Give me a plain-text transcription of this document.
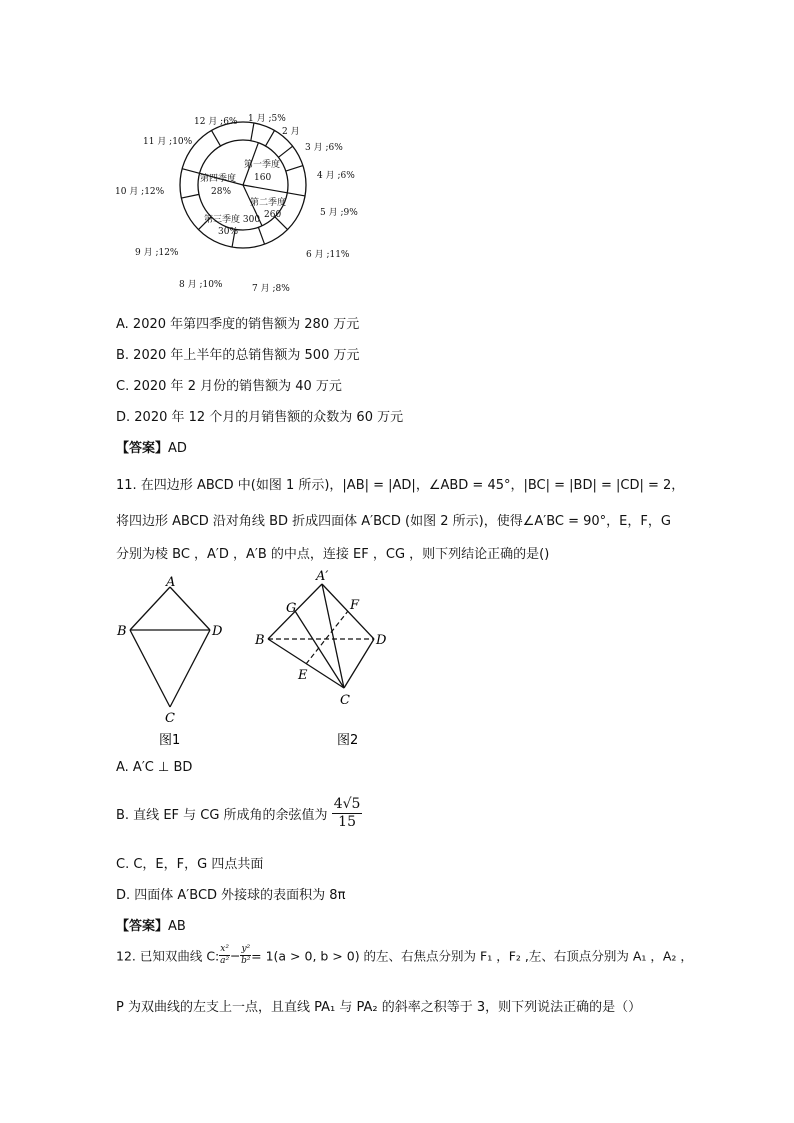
1 月 ;5%
2 月
3 月 ;6%
4 月 ;6%
5 月 ;9%
6 月 ;11%
7 月 ;8%
8 月 ;10%
9 月 ;12%
10 月 ;12%
11 月 ;10%
12 月 ;6%
第一季度
160
第二季度
260
第三季度 300
30%
第四季度
28%
A. 2020 年第四季度的销售额为 280 万元
B. 2020 年上半年的总销售额为 500 万元
C. 2020 年 2 月份的销售额为 40 万元
D. 2020 年 12 个月的月销售额的众数为 60 万元
【答案】AD
11. 在四边形 ABCD 中(如图 1 所示)，|AB| = |AD|，∠ABD = 45°，|BC| = |BD| = |CD| = 2，
将四边形 ABCD 沿对角线 BD 折成四面体 A′BCD (如图 2 所示)，使得∠A′BC = 90°，E，F，G
分别为棱 BC ，A′D ，A′B 的中点，连接 EF ，CG ，则下列结论正确的是()
A
B	D
C
图1
A′
G	F
B	D
E
C
图2
A. A′C ⊥ BD
B. 直线 EF 与 CG 所成角的余弦值为 $\frac{4√5}{15}$
C. C，E，F，G 四点共面
D. 四面体 A′BCD 外接球的表面积为 8π
【答案】AB
12. 已知双曲线 C: $\frac{\text{x²}}{\text{a²}} - \frac{\text{y²}}{\text{b²}} = 1(a > 0$, b > 0) 的左、右焦点分别为 F₁ ，F₂ ,左、右顶点分别为 A₁ ，A₂ ，
P 为双曲线的左支上一点，且直线 PA₁ 与 PA₂ 的斜率之积等于 3，则下列说法正确的是（）
